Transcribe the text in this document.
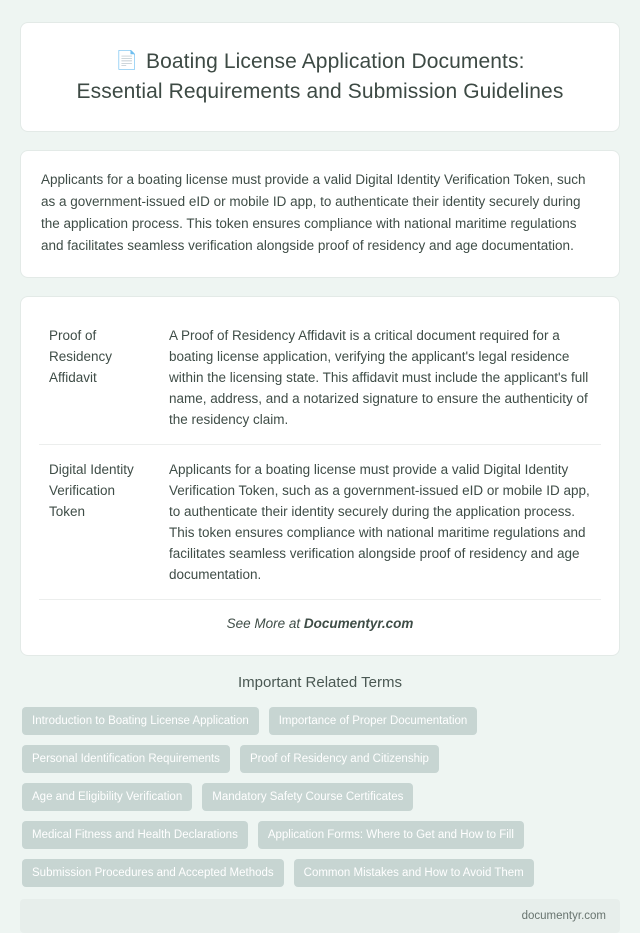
📄 Boating License Application Documents:
Essential Requirements and Submission Guidelines

Applicants for a boating license must provide a valid Digital Identity Verification Token, such as a government-issued eID or mobile ID app, to authenticate their identity securely during the application process. This token ensures compliance with national maritime regulations and facilitates seamless verification alongside proof of residency and age documentation.

Proof of Residency Affidavit	A Proof of Residency Affidavit is a critical document required for a boating license application, verifying the applicant's legal residence within the licensing state. This affidavit must include the applicant's full name, address, and a notarized signature to ensure the authenticity of the residency claim.
Digital Identity Verification Token	Applicants for a boating license must provide a valid Digital Identity Verification Token, such as a government-issued eID or mobile ID app, to authenticate their identity securely during the application process. This token ensures compliance with national maritime regulations and facilitates seamless verification alongside proof of residency and age documentation.
See More at Documentyr.com
Important Related Terms
Introduction to Boating License Application	Importance of Proper Documentation
Personal Identification Requirements	Proof of Residency and Citizenship
Age and Eligibility Verification	Mandatory Safety Course Certificates
Medical Fitness and Health Declarations	Application Forms: Where to Get and How to Fill
Submission Procedures and Accepted Methods	Common Mistakes and How to Avoid Them
documentyr.com
